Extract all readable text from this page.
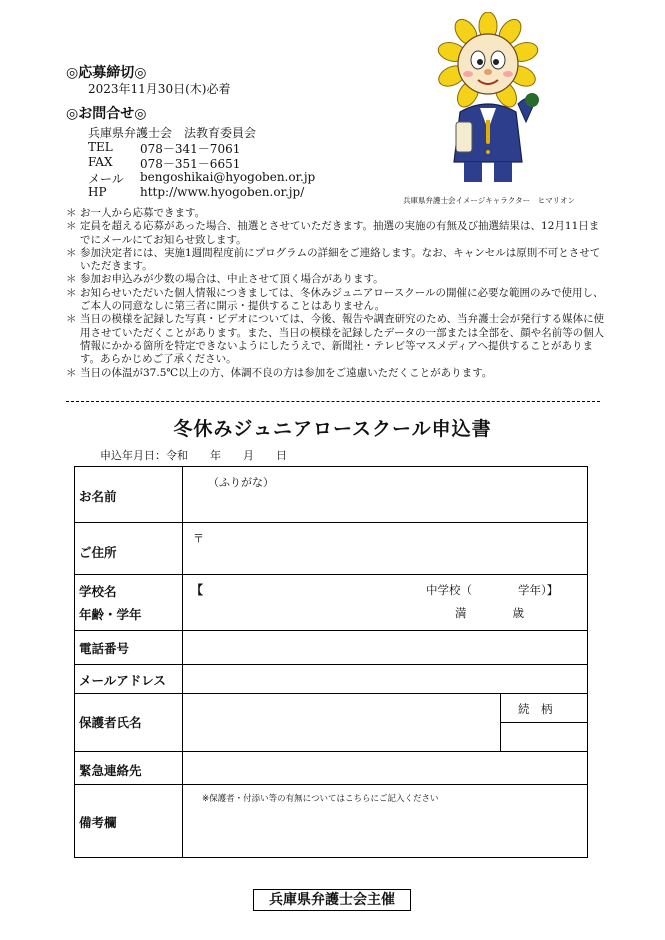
◎応募締切◎
2023年11月30日(木)必着
◎お問合せ◎
兵庫県弁護士会　法教育委員会
TEL 078－341－7061
FAX 078－351－6651
メール bengoshikai@hyogoben.or.jp
HP	http://www.hyogoben.or.jp/
兵庫県弁護士会イメージキャラクター　ヒマリオン
＊ お一人から応募できます。
＊ 定員を超える応募があった場合、抽選とさせていただきます。抽選の実施の有無及び抽選結果は、12月11日までにメールにてお知らせ致します。
＊ 参加決定者には、実施1週間程度前にプログラムの詳細をご連絡します。なお、キャンセルは原則不可とさせていただきます。
＊ 参加お申込みが少数の場合は、中止させて頂く場合があります。
＊ お知らせいただいた個人情報につきましては、冬休みジュニアロースクールの開催に必要な範囲のみで使用し、ご本人の同意なしに第三者に開示・提供することはありません。
＊ 当日の模様を記録した写真・ビデオについては、今後、報告や調査研究のため、当弁護士会が発行する媒体に使用させていただくことがあります。また、当日の模様を記録したデータの一部または全部を、顔や名前等の個人情報にかかる箇所を特定できないようにしたうえで、新聞社・テレビ等マスメディアへ提供することがあります。あらかじめご了承ください。
＊ 当日の体温が37.5℃以上の方、体調不良の方は参加をご遠慮いただくことがあります。
冬休みジュニアロースクール申込書
申込年月日：令和　　年　　月　　日
お名前
（ふりがな）
ご住所
〒
学校名
年齢・学年
【	中学校（　　　　学年）】
満　　　　歳
電話番号
メールアドレス
保護者氏名
続　柄
緊急連絡先
備考欄
※保護者・付添い等の有無についてはこちらにご記入ください
兵庫県弁護士会主催
